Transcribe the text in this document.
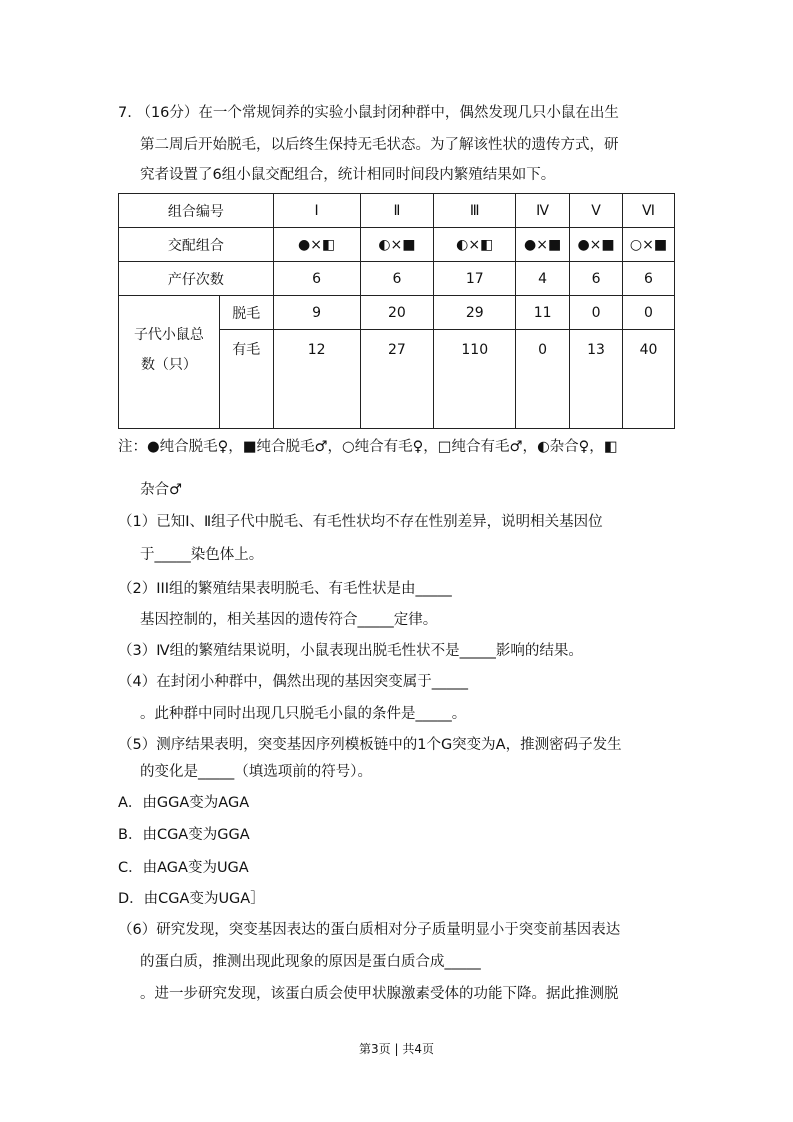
7. （16分）在一个常规饲养的实验小鼠封闭种群中，偶然发现几只小鼠在出生
第二周后开始脱毛，以后终生保持无毛状态。为了解该性状的遗传方式，研
究者设置了6组小鼠交配组合，统计相同时间段内繁殖结果如下。
组合编号		Ⅰ	Ⅱ	Ⅲ	Ⅳ	Ⅴ	Ⅵ
交配组合		●×◧	◐×■	◐×◧	●×■	●×■	○×■
产仔次数		6	6	17	4	6	6
子代小鼠总数（只）	脱毛	9	20	29	11	0	0
	有毛	12	27	110	0	13	40
注：●纯合脱毛♀，■纯合脱毛♂，○纯合有毛♀，□纯合有毛♂，◐杂合♀，◧
杂合♂
（1）已知Ⅰ、Ⅱ组子代中脱毛、有毛性状均不存在性别差异，说明相关基因位
于_____染色体上。
（2）III组的繁殖结果表明脱毛、有毛性状是由_____
基因控制的，相关基因的遗传符合_____定律。
（3）Ⅳ组的繁殖结果说明，小鼠表现出脱毛性状不是_____影响的结果。
（4）在封闭小种群中，偶然出现的基因突变属于_____
。此种群中同时出现几只脱毛小鼠的条件是_____。
（5）测序结果表明，突变基因序列模板链中的1个G突变为A，推测密码子发生
的变化是_____（填选项前的符号）。
A．由GGA变为AGA
B．由CGA变为GGA
C．由AGA变为UGA
D．由CGA变为UGA］
（6）研究发现，突变基因表达的蛋白质相对分子质量明显小于突变前基因表达
的蛋白质，推测出现此现象的原因是蛋白质合成_____
。进一步研究发现，该蛋白质会使甲状腺激素受体的功能下降。据此推测脱
第3页 | 共4页
